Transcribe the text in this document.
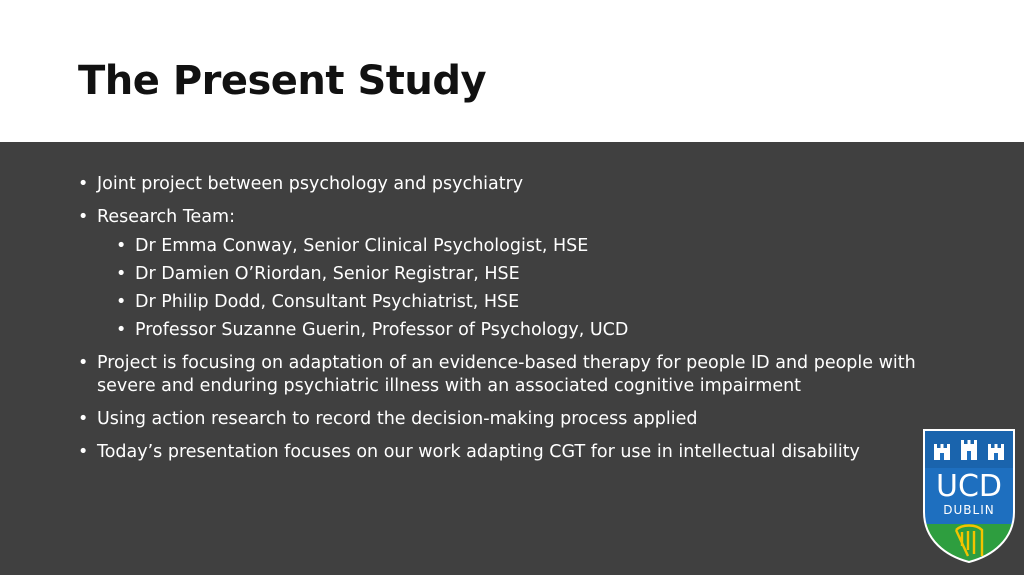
The Present Study
• Joint project between psychology and psychiatry
• Research Team:
• Dr Emma Conway, Senior Clinical Psychologist, HSE
• Dr Damien O’Riordan, Senior Registrar, HSE
• Dr Philip Dodd, Consultant Psychiatrist, HSE
• Professor Suzanne Guerin, Professor of Psychology, UCD
• Project is focusing on adaptation of an evidence-based therapy for people ID and people with severe and enduring psychiatric illness with an associated cognitive impairment
• Using action research to record the decision-making process applied
• Today’s presentation focuses on our work adapting CGT for use in intellectual disability
UCD
DUBLIN
